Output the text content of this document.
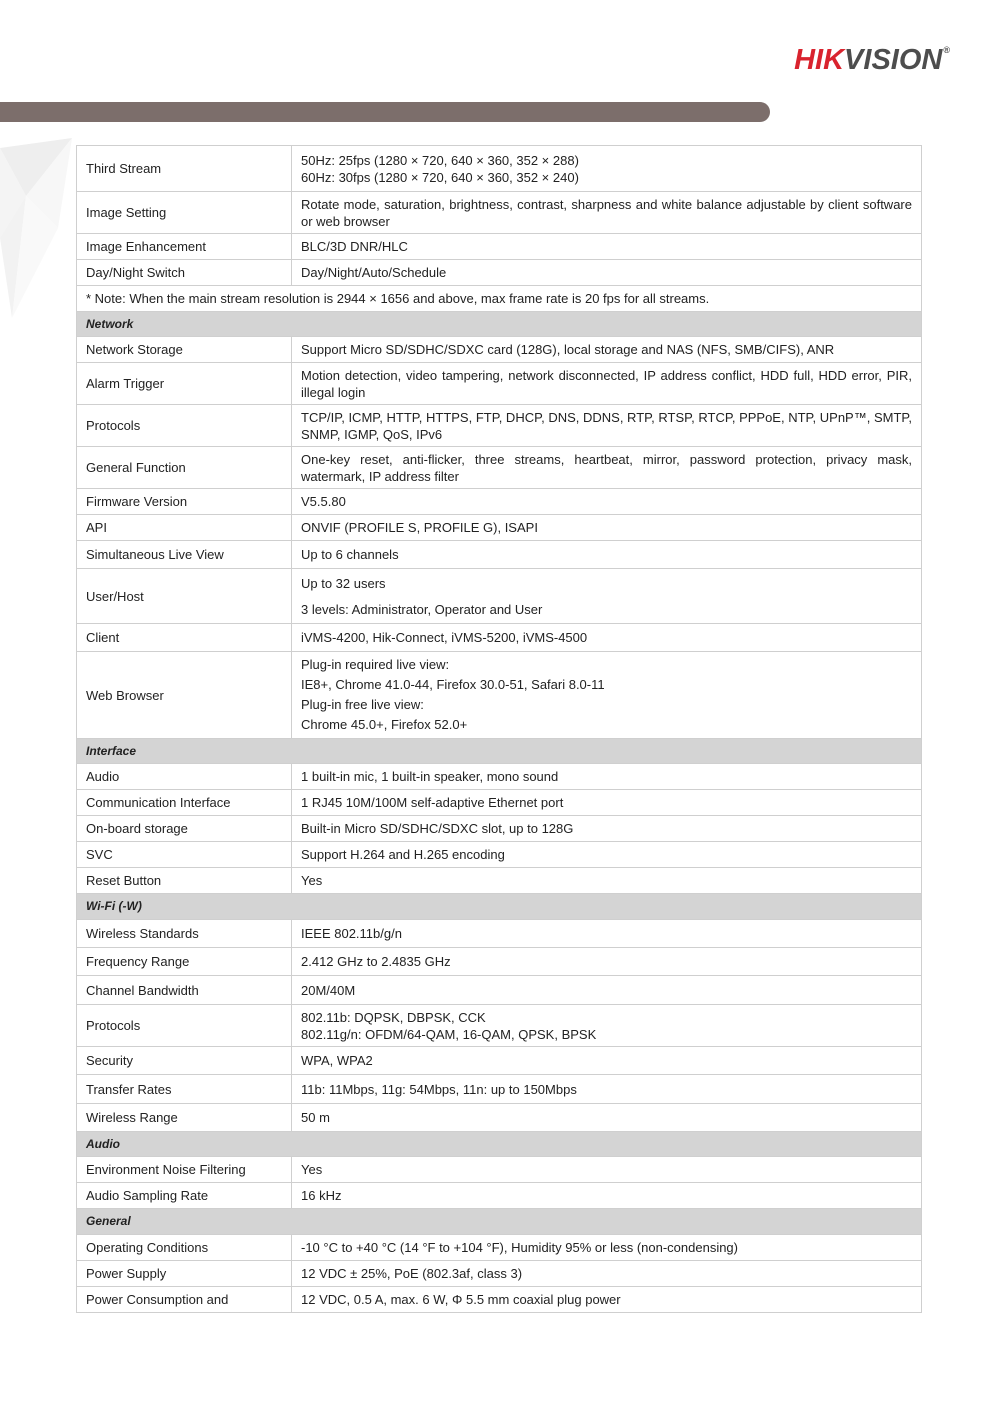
HIKVISION®
Third Stream	50Hz: 25fps (1280 × 720, 640 × 360, 352 × 288)

60Hz: 30fps (1280 × 720, 640 × 360, 352 × 240)

Image Setting	Rotate mode, saturation, brightness, contrast, sharpness and white balance adjustable by client software or web browser

Image Enhancement	BLC/3D DNR/HLC

Day/Night Switch	Day/Night/Auto/Schedule

* Note: When the main stream resolution is 2944 × 1656 and above, max frame rate is 20 fps for all streams.	
Network	
Network Storage	Support Micro SD/SDHC/SDXC card (128G), local storage and NAS (NFS, SMB/CIFS), ANR

Alarm Trigger	Motion detection, video tampering, network disconnected, IP address conflict, HDD full, HDD error, PIR, illegal login

Protocols	TCP/IP, ICMP, HTTP, HTTPS, FTP, DHCP, DNS, DDNS, RTP, RTSP, RTCP, PPPoE, NTP, UPnP™, SMTP, SNMP, IGMP, QoS, IPv6

General Function	One-key reset, anti-flicker, three streams, heartbeat, mirror, password protection, privacy mask, watermark, IP address filter

Firmware Version	V5.5.80

API	ONVIF (PROFILE S, PROFILE G), ISAPI

Simultaneous Live View	Up to 6 channels

User/Host	Up to 32 users

3 levels: Administrator, Operator and User

Client	iVMS-4200, Hik-Connect, iVMS-5200, iVMS-4500

Web Browser	Plug-in required live view:

IE8+, Chrome 41.0-44, Firefox 30.0-51, Safari 8.0-11

Plug-in free live view:

Chrome 45.0+, Firefox 52.0+

Interface	
Audio	1 built-in mic, 1 built-in speaker, mono sound

Communication Interface	1 RJ45 10M/100M self-adaptive Ethernet port

On-board storage	Built-in Micro SD/SDHC/SDXC slot, up to 128G

SVC	Support H.264 and H.265 encoding

Reset Button	Yes

Wi-Fi (-W)	
Wireless Standards	IEEE 802.11b/g/n

Frequency Range	2.412 GHz to 2.4835 GHz

Channel Bandwidth	20M/40M

Protocols	802.11b: DQPSK, DBPSK, CCK

802.11g/n: OFDM/64-QAM, 16-QAM, QPSK, BPSK

Security	WPA, WPA2

Transfer Rates	11b: 11Mbps, 11g: 54Mbps, 11n: up to 150Mbps

Wireless Range	50 m

Audio	
Environment Noise Filtering	Yes

Audio Sampling Rate	16 kHz

General	
Operating Conditions	-10 °C to +40 °C (14 °F to +104 °F), Humidity 95% or less (non-condensing)

Power Supply	12 VDC ± 25%, PoE (802.3af, class 3)

Power Consumption and	12 VDC, 0.5 A, max. 6 W, Φ 5.5 mm coaxial plug power
